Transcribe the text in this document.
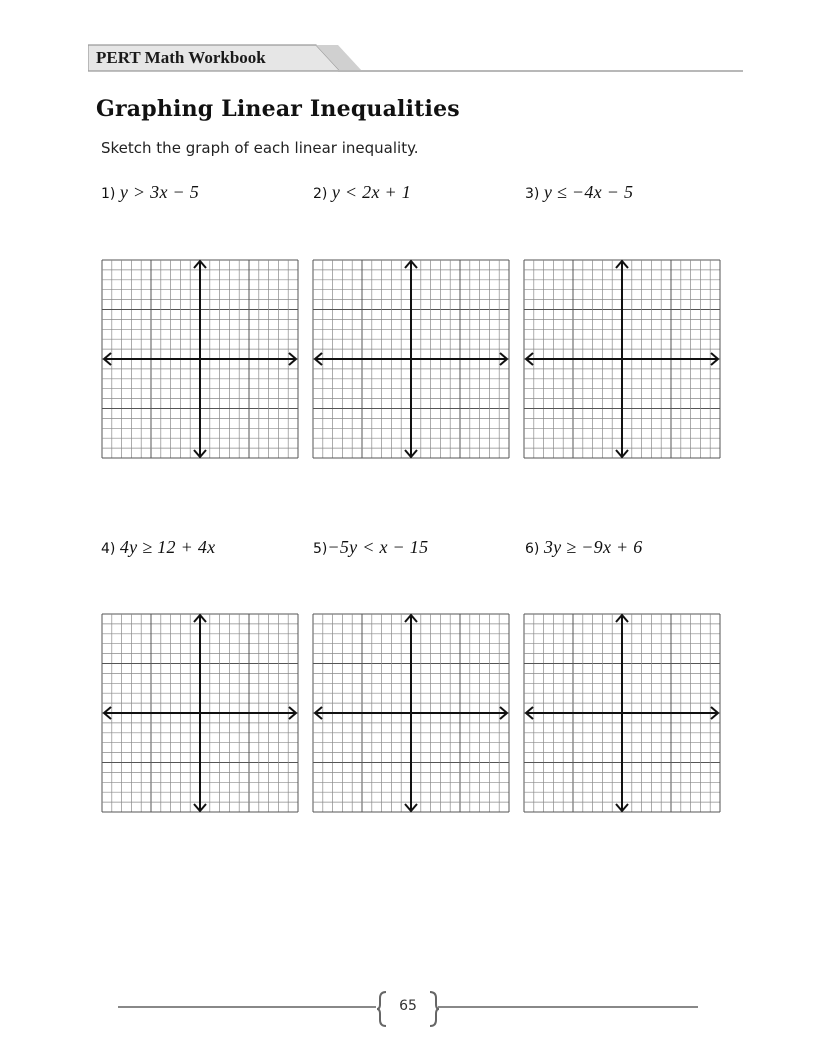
PERT Math Workbook
Graphing Linear Inequalities
Sketch the graph of each linear inequality.
1) y > 3x − 5	2) y < 2x + 1	3) y ≤ −4x − 5
4) 4y ≥ 12 + 4x	5)−5y < x − 15	6) 3y ≥ −9x + 6
65
